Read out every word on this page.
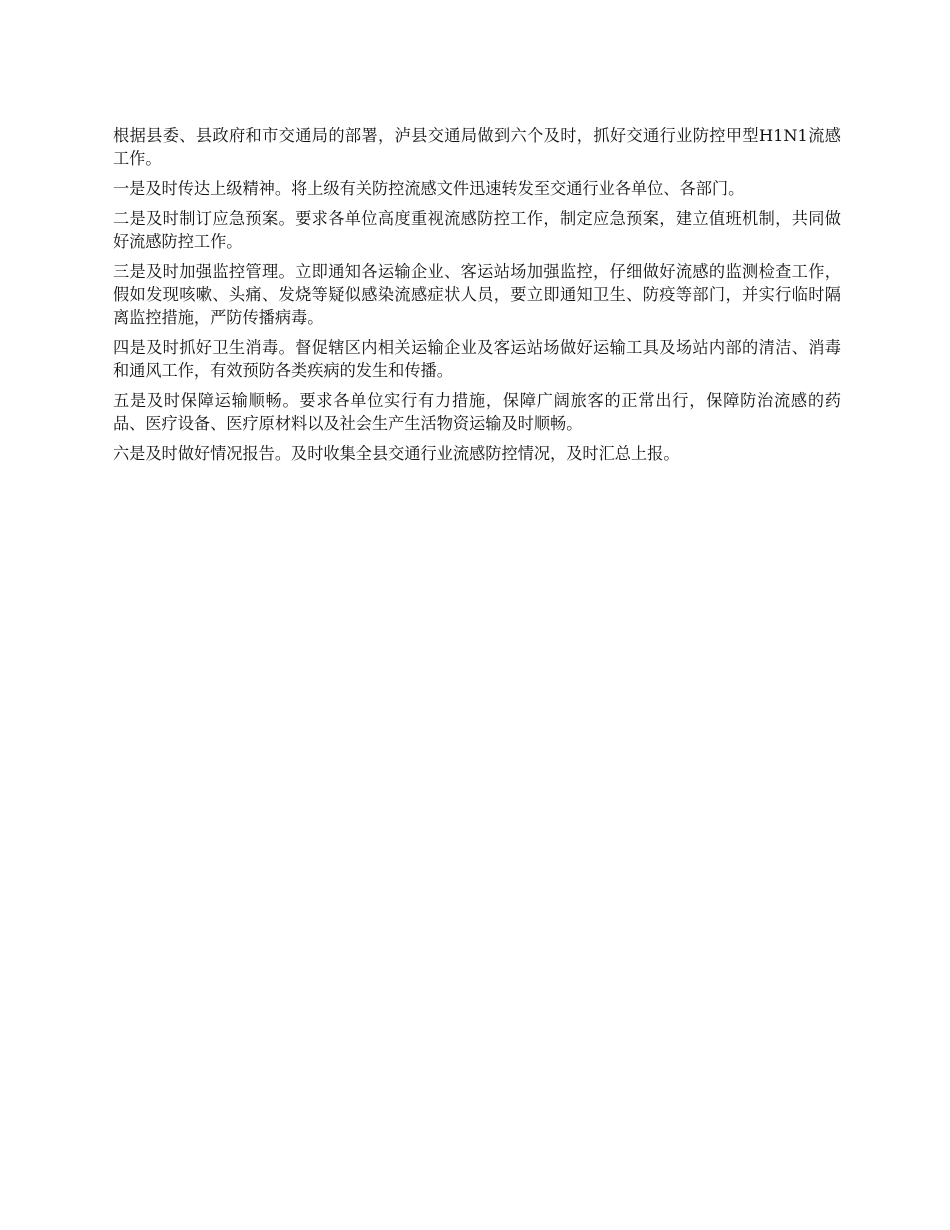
根据县委、县政府和市交通局的部署，泸县交通局做到六个及时，抓好交通行业防控甲型H1N1流感工作。

一是及时传达上级精神。将上级有关防控流感文件迅速转发至交通行业各单位、各部门。

二是及时制订应急预案。要求各单位高度重视流感防控工作，制定应急预案，建立值班机制，共同做好流感防控工作。

三是及时加强监控管理。立即通知各运输企业、客运站场加强监控，仔细做好流感的监测检查工作，假如发现咳嗽、头痛、发烧等疑似感染流感症状人员，要立即通知卫生、防疫等部门，并实行临时隔离监控措施，严防传播病毒。

四是及时抓好卫生消毒。督促辖区内相关运输企业及客运站场做好运输工具及场站内部的清洁、消毒和通风工作，有效预防各类疾病的发生和传播。

五是及时保障运输顺畅。要求各单位实行有力措施，保障广阔旅客的正常出行，保障防治流感的药品、医疗设备、医疗原材料以及社会生产生活物资运输及时顺畅。

六是及时做好情况报告。及时收集全县交通行业流感防控情况，及时汇总上报。
